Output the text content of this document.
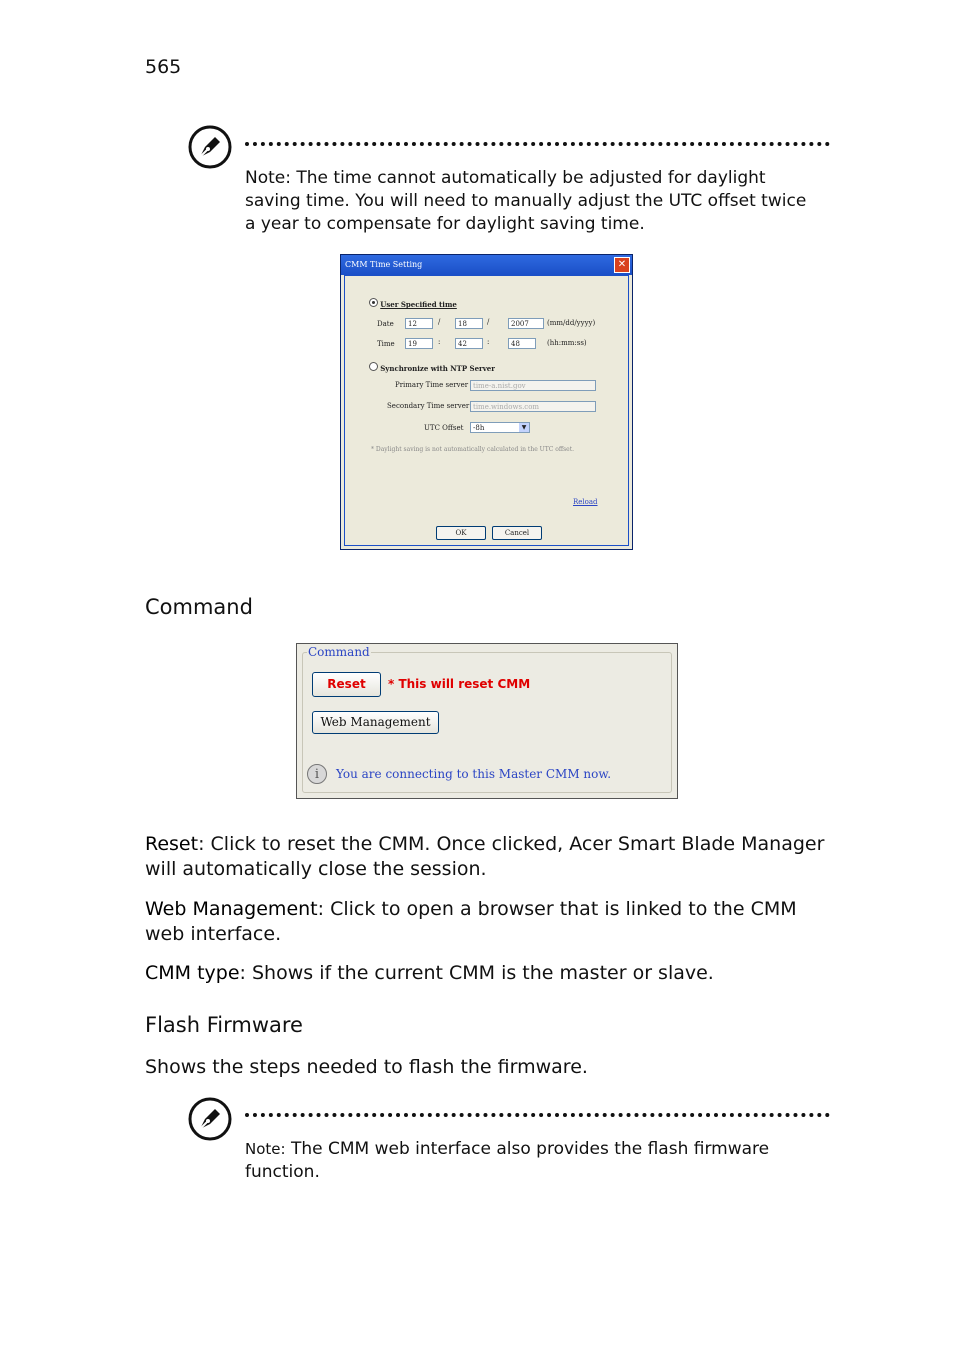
565
Note: The time cannot automatically be adjusted for daylight
saving time. You will need to manually adjust the UTC offset twice
a year to compensate for daylight saving time.
CMM Time Setting	✕
User Specified time
Date	12	/	18	/	2007	(mm/dd/yyyy)
Time	19	:	42	:	48	(hh:mm:ss)
Synchronize with NTP Server
Primary Time server time-a.nist.gov
Secondary Time server time.windows.com
UTC Offset	-8h	▼
* Daylight saving is not automatically calculated in the UTC offset.
Reload
OK	Cancel
Command
Command
Reset	* This will reset CMM
Web Management
i	You are connecting to this Master CMM now.
Reset: Click to reset the CMM. Once clicked, Acer Smart Blade Manager will automatically close the session.
Web Management: Click to open a browser that is linked to the CMM web interface.
CMM type: Shows if the current CMM is the master or slave.
Flash Firmware
Shows the steps needed to flash the firmware.
Note: The CMM web interface also provides the flash firmware
function.
